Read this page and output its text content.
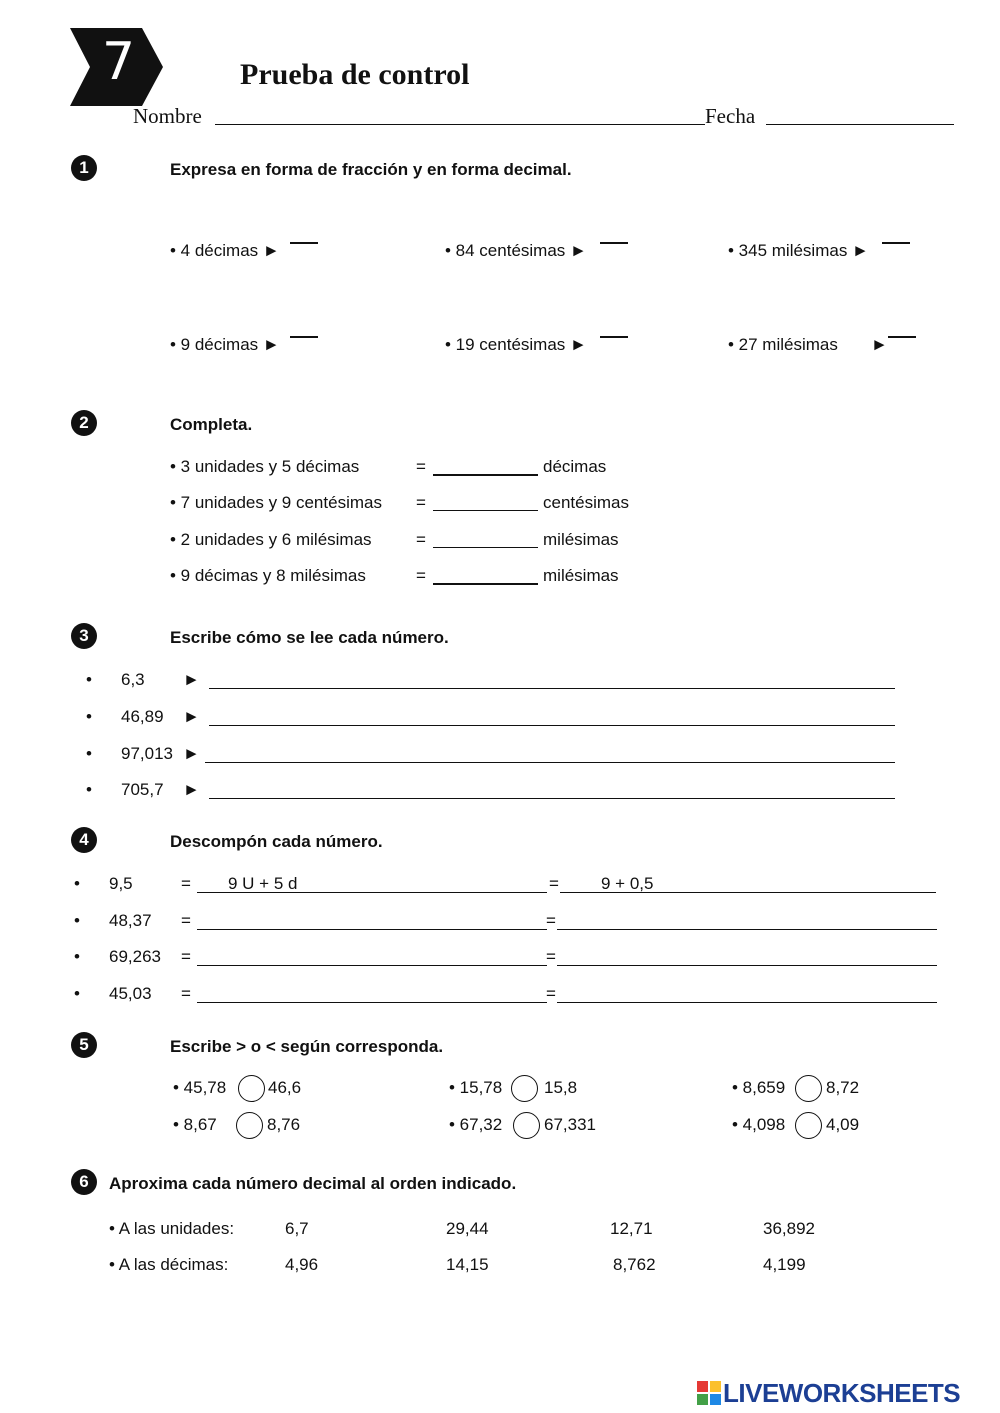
7	Prueba de control
Nombre	Fecha
1	Expresa en forma de fracción y en forma decimal.
• 4 décimas ►	• 84 centésimas ►	• 345 milésimas ►
• 9 décimas ►	• 19 centésimas ►	• 27 milésimas ►
2	Completa.
• 3 unidades y 5 décimas	=	décimas
• 7 unidades y 9 centésimas =	centésimas
• 2 unidades y 6 milésimas	=	milésimas
• 9 décimas y 8 milésimas	=	milésimas
3	Escribe cómo se lee cada número.
• 6,3 ►
• 46,89 ►
• 97,013 ►
• 705,7 ►
4	Descompón cada número.
• 9,5	= 9 U + 5 d	= 9 + 0,5
• 48,37 =	=
• 69,263 =	=
• 45,03 =	=
5	Escribe > o < según corresponda.
• 45,78 46,6	• 15,78 15,8	• 8,659 8,72
• 8,67	8,76	• 67,32 67,331	• 4,098 4,09
6	Aproxima cada número decimal al orden indicado.
• A las unidades:	6,7	29,44	12,71	36,892
• A las décimas:	4,96	14,15	8,762	4,199
LIVEWORKSHEETS
